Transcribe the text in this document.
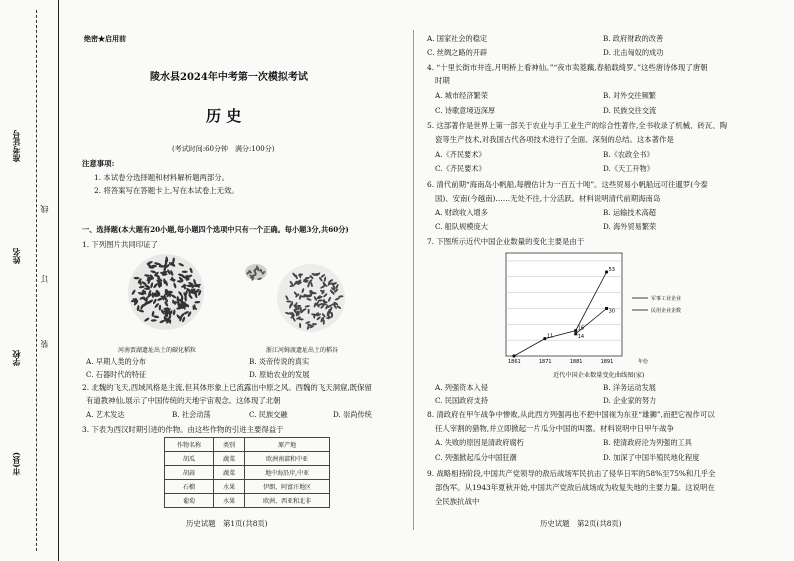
准考证号
姓名
学校
市(县)
线
订
装
绝密★启用前
陵水县2024年中考第一次模拟考试
历 史
(考试时间:60分钟　满分:100分)
注意事项:
1. 本试卷分选择题和材料解析题两部分。
2. 将答案写在答题卡上,写在本试卷上无效。
一、选择题(本大题有20小题,每小题四个选项中只有一个正确。每小题3分,共60分)
1. 下列图片共同印证了
河南贾湖遗址出土的碳化稻粒	浙江河姆渡遗址出土的稻谷
A. 早期人类的分布	B. 炎帝传说的真实
C. 石器时代的特征	D. 原始农业的发展
2. 北魏的飞天,西域风格是主流,但其体形象上已流露出中原之风。西魏的飞天洞窟,既保留
有道教神仙,展示了中国传统的天地宇宙观念。这体现了北朝
A. 艺术发达	B. 社会动荡	C. 民族交融	D. 崇尚传统
3. 下表为西汉时期引进的作物。由这些作物的引进主要得益于
作物名称	类别	原产地
胡瓜	蔬菜	欧洲南部和中亚
胡蒜	蔬菜	地中海沿岸,中亚
石榴	水果	伊朗、阿富汗地区
葡萄	水果	欧洲、西亚和北非
历史试题　第1页(共8页)
A. 国家社会的稳定	B. 政府财政的改善
C. 丝绸之路的开辟	D. 北击匈奴的成功
4. “十里长街市井连,月明桥上看神仙。”“夜市卖菱藕,春船载绮罗。”这些唐诗体现了唐朝
时期
A. 城市经济繁荣	B. 对外交往频繁
C. 诗歌意境迈深厚	D. 民族交往交流
5. 这部著作是世界上第一部关于农业与手工业生产的综合性著作,全书收录了机械、砖瓦、陶
瓷等生产技术,对我国古代各项技术进行了全面、深刻的总结。这本著作是
A.《齐民要术》	B.《农政全书》
C.《齐民要术》	D.《天工开物》
6. 清代前期“海南岛小帆船,每艘估计为一百五十吨”。这些贸易小帆船远可往暹罗(今泰
国)、安南(今越南)……无处不往,十分活跃。材料说明清代前期海南岛
A. 财政收入增多	B. 运输技术高超
C. 船队规模庞大	D. 海外贸易繁荣
7. 下图所示近代中国企业数量的变化主要是由于
11
16
53
14
30
1861	1871	1881	1891	年份
军事工业企业
民用企业企数
近代中国企业数量变化曲线图(家)
A. 列强资本入侵	B. 洋务运动发展
C. 民国政府支持	D. 企业家的努力
8. 清政府在甲午战争中惨败,从此西方列强再也不把中国视为东亚“雄狮”,而把它视作可以
任人宰割的猎物,并立即掀起一片瓜分中国的叫嚣。材料说明中日甲午战争
A. 失败的原因是清政府腐朽	B. 使清政府沦为列强的工具
C. 列强掀起瓜分中国狂潮	D. 加深了中国半殖民地化程度
9. 战略相持阶段,中国共产党领导的敌后战场军民抗击了侵华日军的58%至75%和几乎全
部伪军。从1943年夏秋开始,中国共产党敌后战场成为收复失地的主要力量。这说明在
全民族抗战中
历史试题　第2页(共8页)
